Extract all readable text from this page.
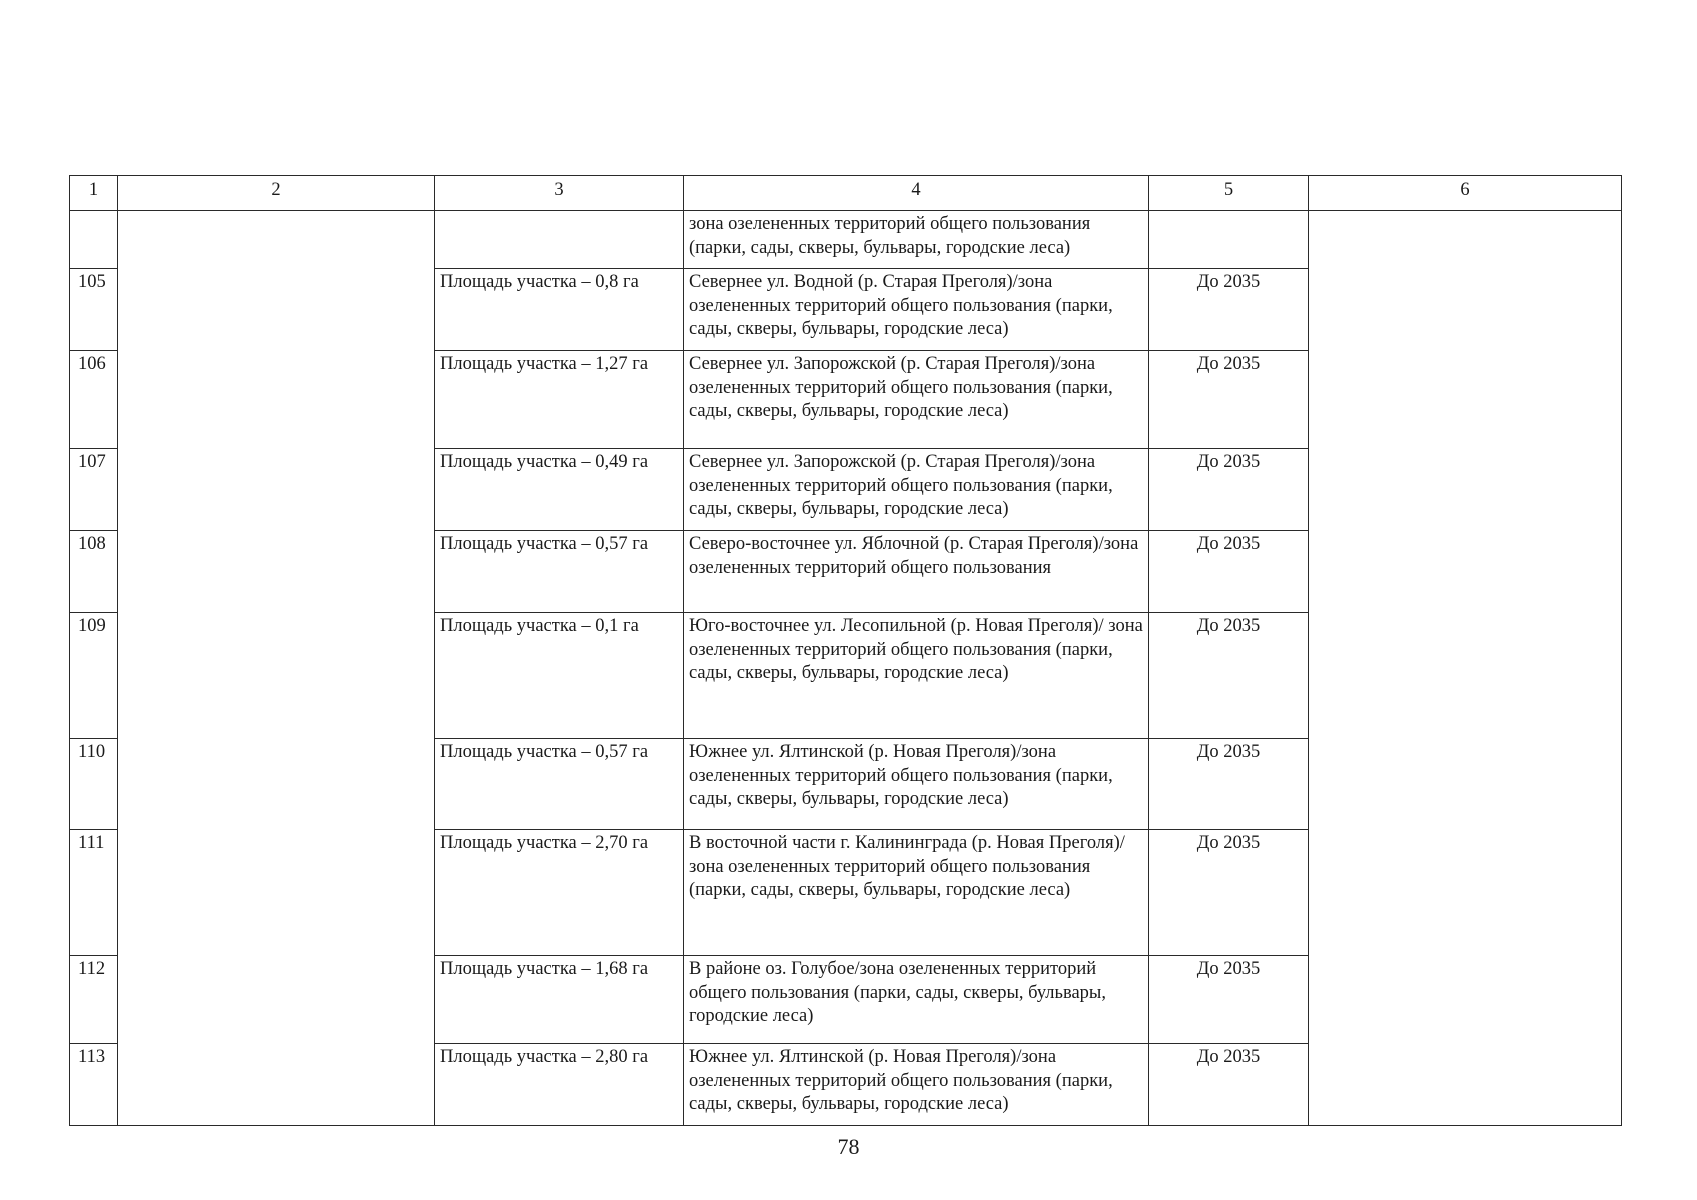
1	2	3	4	5	6
			зона озелененных территорий общего пользования (парки, сады, скверы, бульвары, городские леса)		
105		Площадь участка – 0,8 га	Севернее ул. Водной (р. Старая Преголя)/зона озелененных территорий общего пользования (парки, сады, скверы, бульвары, городские леса)	До 2035	
106		Площадь участка – 1,27 га	Севернее ул. Запорожской (р. Старая Преголя)/зона озелененных территорий общего пользования (парки, сады, скверы, бульвары, городские леса)	До 2035	
107		Площадь участка – 0,49 га	Севернее ул. Запорожской (р. Старая Преголя)/зона озелененных территорий общего пользования (парки, сады, скверы, бульвары, городские леса)	До 2035	
108		Площадь участка – 0,57 га	Северо-восточнее ул. Яблочной (р. Старая Преголя)/зона озелененных территорий общего пользования	До 2035	
109		Площадь участка – 0,1 га	Юго-восточнее ул. Лесопильной (р. Новая Преголя)/ зона озелененных территорий общего пользования (парки, сады, скверы, бульвары, городские леса)	До 2035	
110		Площадь участка – 0,57 га	Южнее ул. Ялтинской (р. Новая Преголя)/зона озелененных территорий общего пользования (парки, сады, скверы, бульвары, городские леса)	До 2035	
111		Площадь участка – 2,70 га	В восточной части г. Калининграда (р. Новая Преголя)/зона озелененных территорий общего пользования (парки, сады, скверы, бульвары, городские леса)	До 2035	
112		Площадь участка – 1,68 га	В районе оз. Голубое/зона озелененных территорий общего пользования (парки, сады, скверы, бульвары, городские леса)	До 2035	
113		Площадь участка – 2,80 га	Южнее ул. Ялтинской (р. Новая Преголя)/зона озелененных территорий общего пользования (парки, сады, скверы, бульвары, городские леса)	До 2035	
78
